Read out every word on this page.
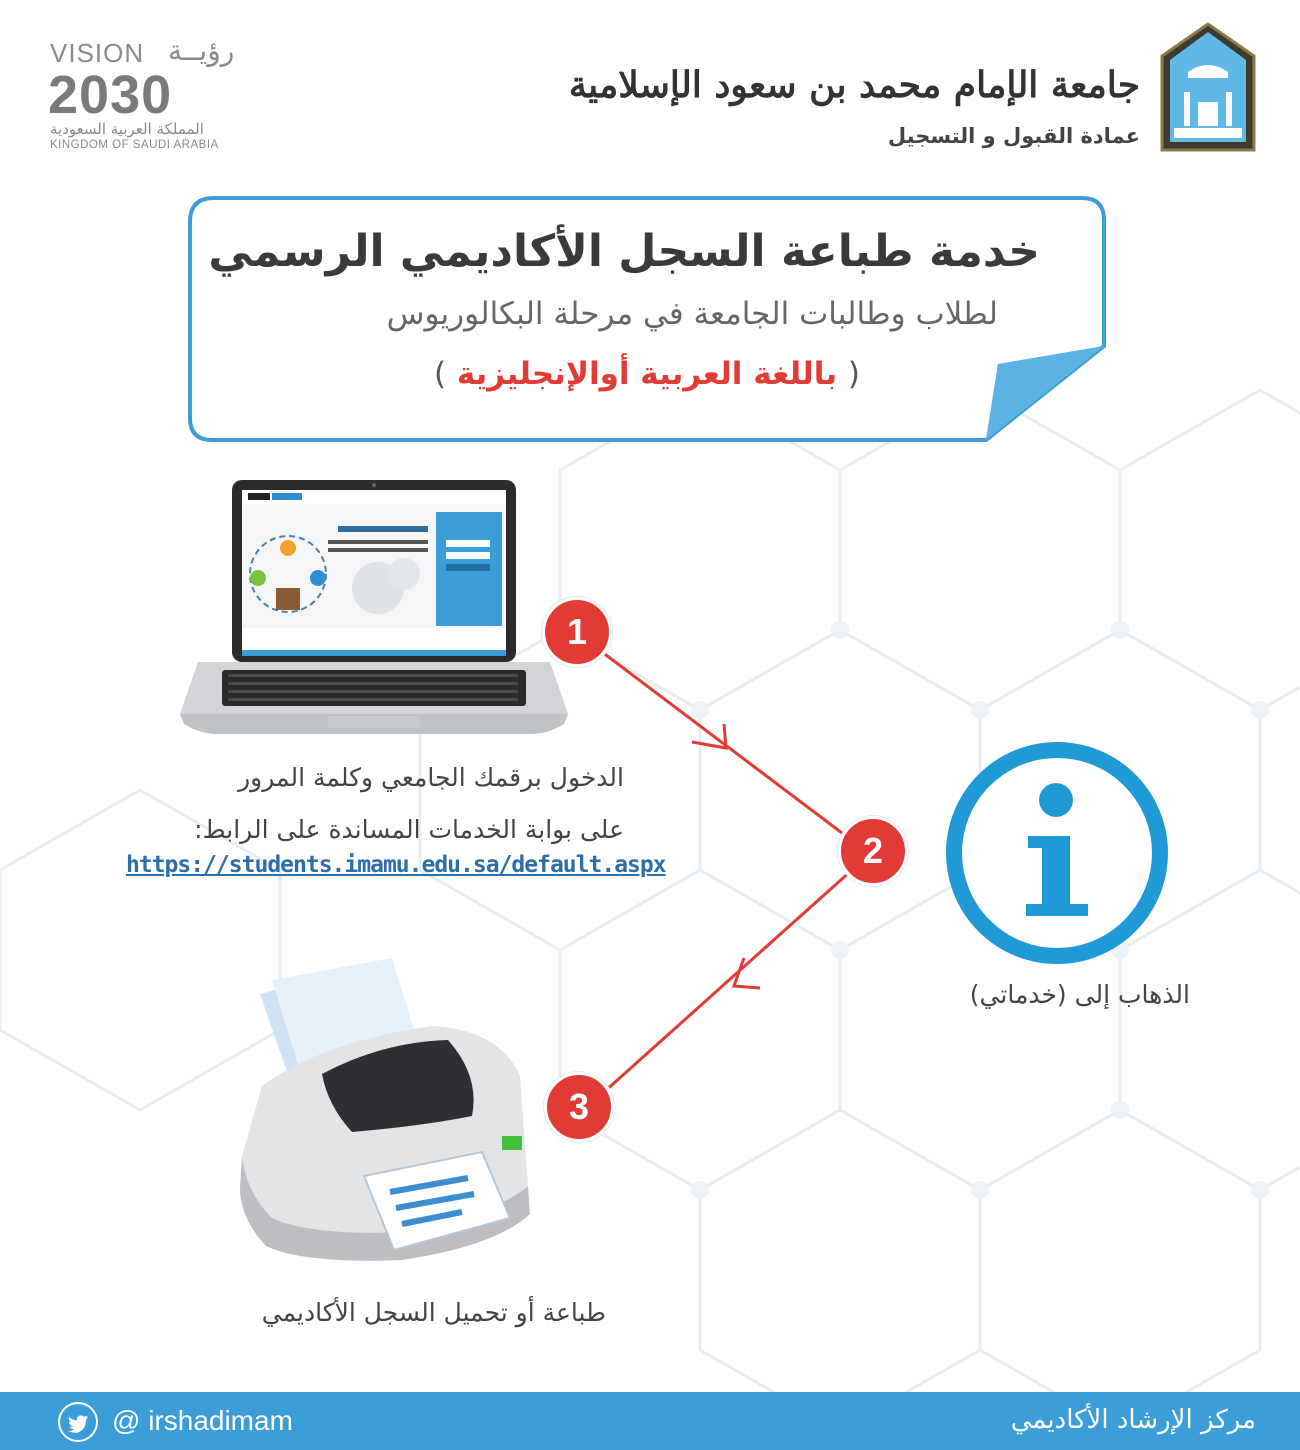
VISION رؤيــة
2030
المملكة العربية السعودية
KINGDOM OF SAUDI ARABIA
جامعة الإمام محمد بن سعود الإسلامية
عمادة القبول و التسجيل
خدمة طباعة السجل الأكاديمي الرسمي
لطلاب وطالبات الجامعة في مرحلة البكالوريوس
( باللغة العربية أوالإنجليزية )
1
2
3
الدخول برقمك الجامعي وكلمة المرور
على بوابة الخدمات المساندة على الرابط:
https://students.imamu.edu.sa/default.aspx
الذهاب إلى (خدماتي)
طباعة أو تحميل السجل الأكاديمي
@ irshadimam	مركز الإرشاد الأكاديمي
